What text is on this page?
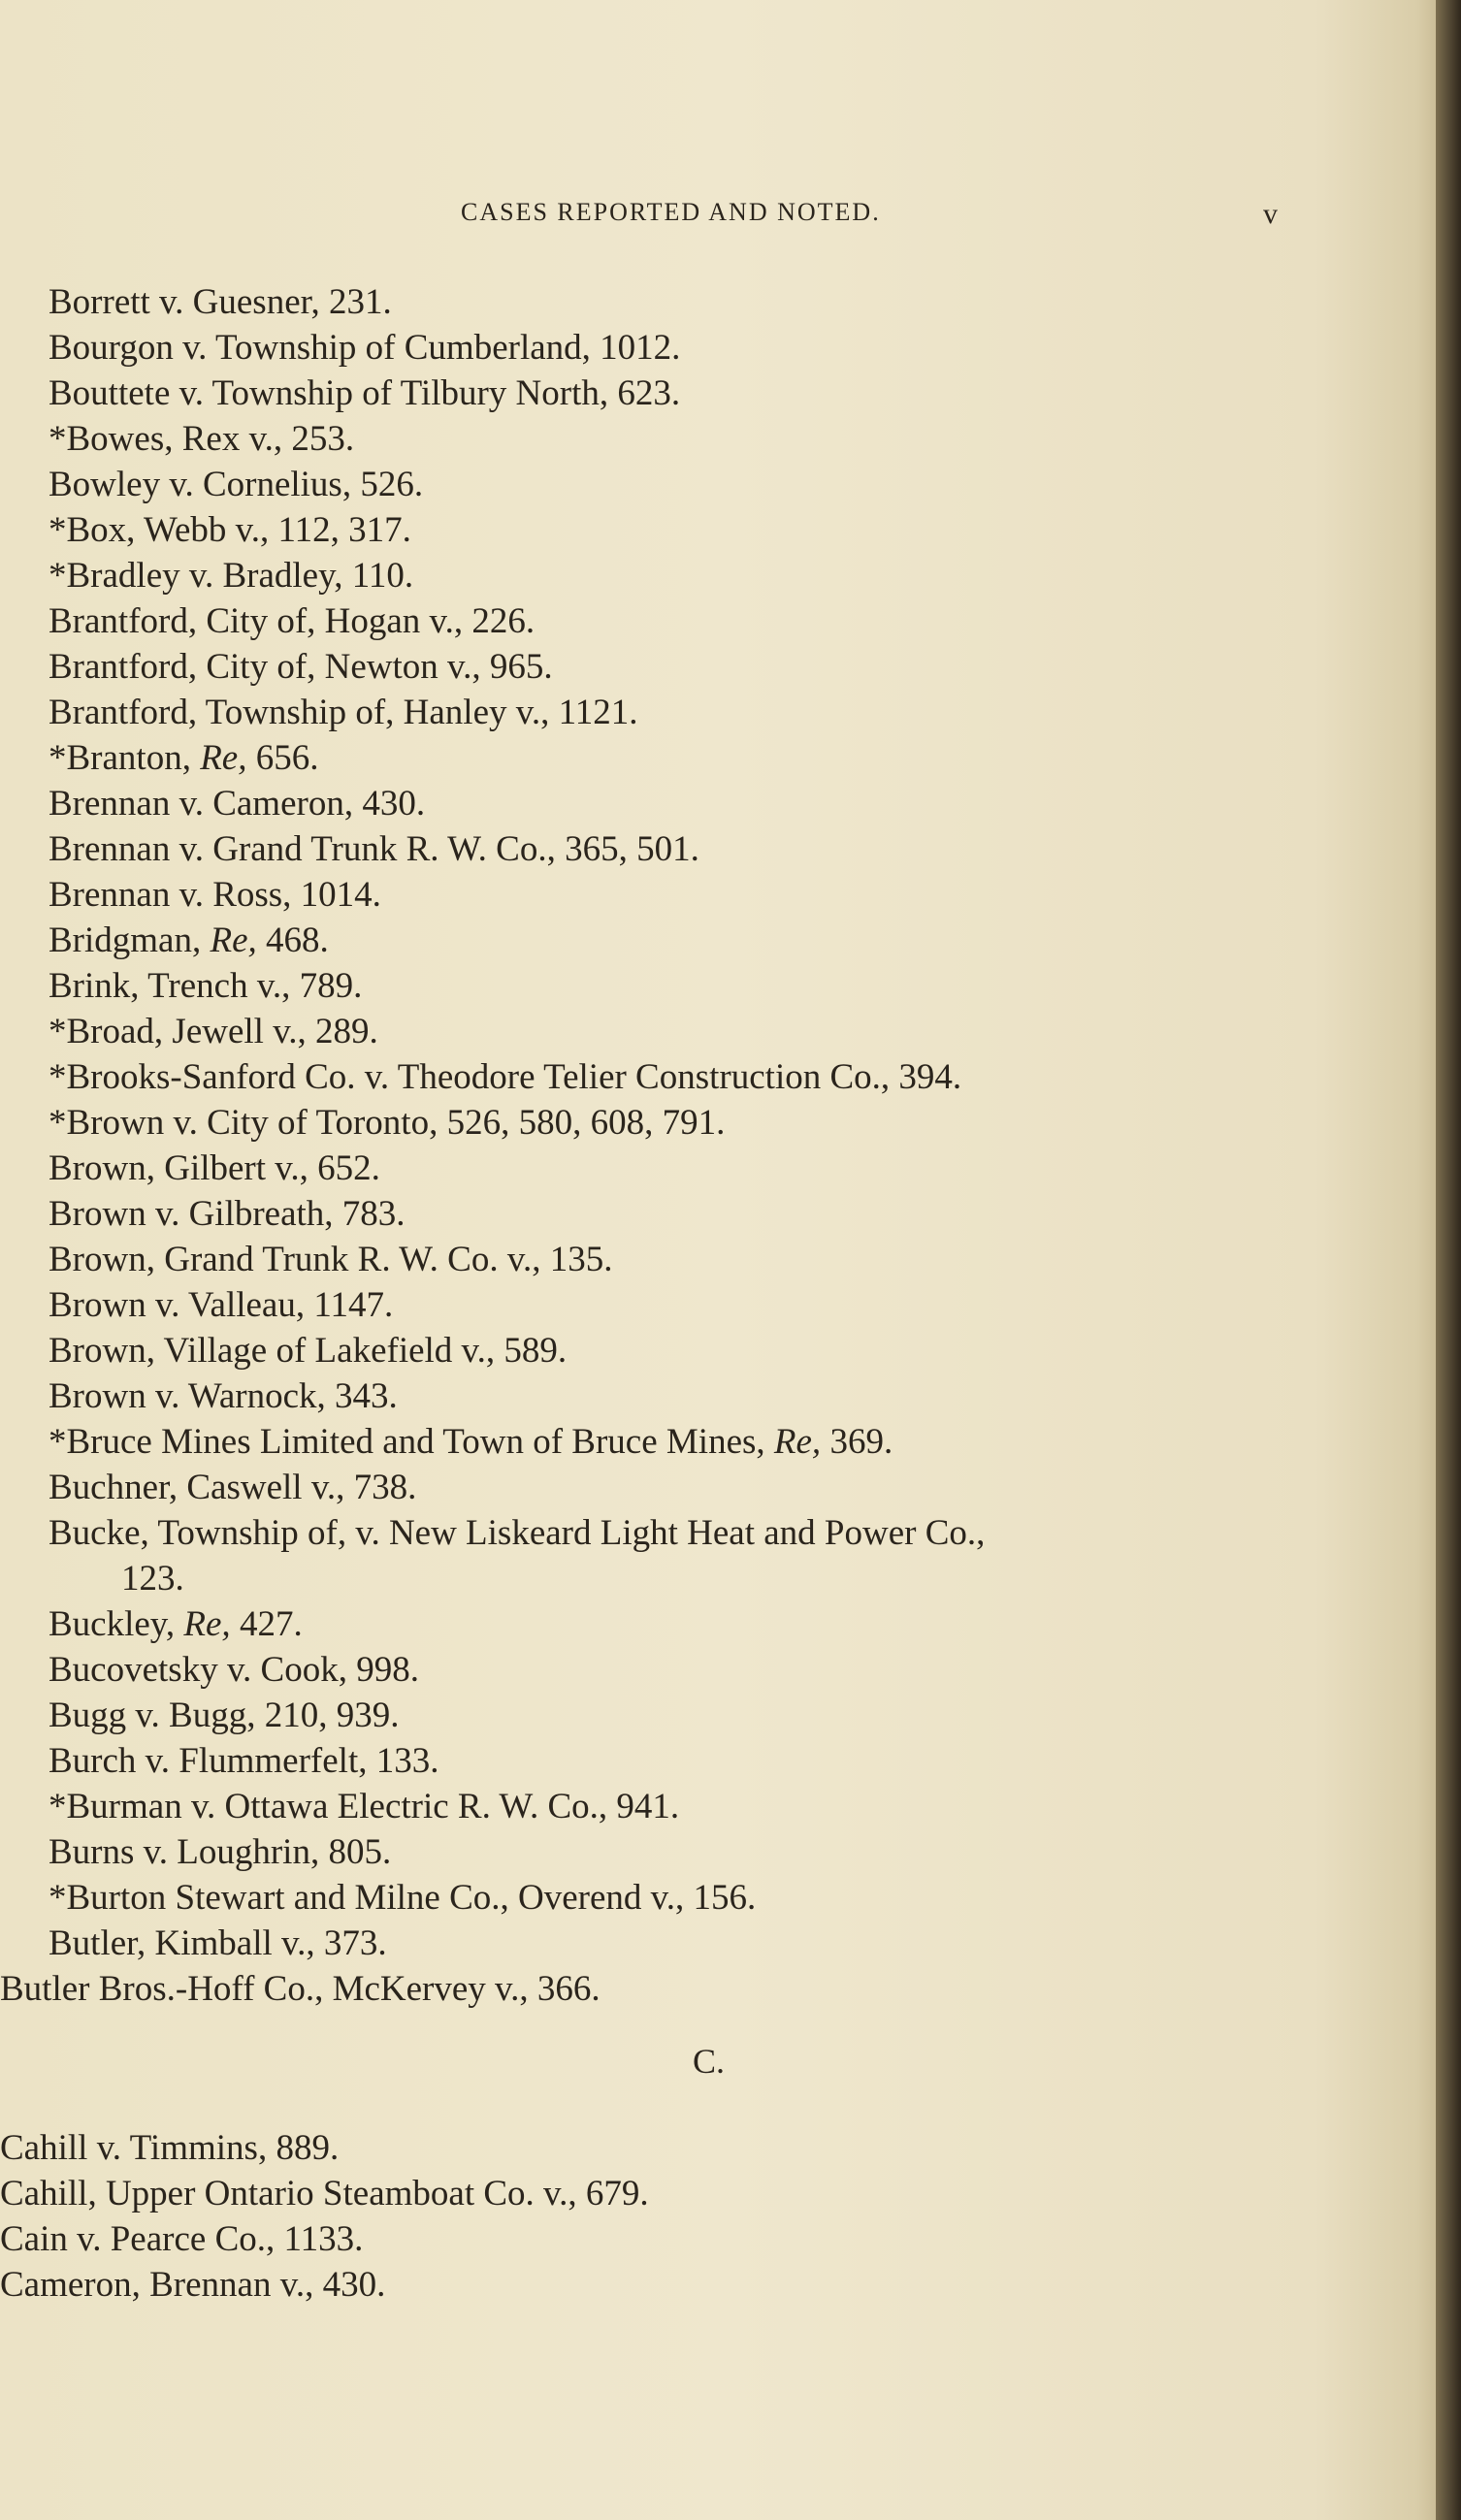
CASES REPORTED AND NOTED.	v
Borrett v. Guesner, 231.
Bourgon v. Township of Cumberland, 1012.
Bouttete v. Township of Tilbury North, 623.
*Bowes, Rex v., 253.
Bowley v. Cornelius, 526.
*Box, Webb v., 112, 317.
*Bradley v. Bradley, 110.
Brantford, City of, Hogan v., 226.
Brantford, City of, Newton v., 965.
Brantford, Township of, Hanley v., 1121.
*Branton, Re, 656.
Brennan v. Cameron, 430.
Brennan v. Grand Trunk R. W. Co., 365, 501.
Brennan v. Ross, 1014.
Bridgman, Re, 468.
Brink, Trench v., 789.
*Broad, Jewell v., 289.
*Brooks-Sanford Co. v. Theodore Telier Construction Co., 394.
*Brown v. City of Toronto, 526, 580, 608, 791.
Brown, Gilbert v., 652.
Brown v. Gilbreath, 783.
Brown, Grand Trunk R. W. Co. v., 135.
Brown v. Valleau, 1147.
Brown, Village of Lakefield v., 589.
Brown v. Warnock, 343.
*Bruce Mines Limited and Town of Bruce Mines, Re, 369.
Buchner, Caswell v., 738.
Bucke, Township of, v. New Liskeard Light Heat and Power Co.,
123.
Buckley, Re, 427.
Bucovetsky v. Cook, 998.
Bugg v. Bugg, 210, 939.
Burch v. Flummerfelt, 133.
*Burman v. Ottawa Electric R. W. Co., 941.
Burns v. Loughrin, 805.
*Burton Stewart and Milne Co., Overend v., 156.
Butler, Kimball v., 373.
Butler Bros.-Hoff Co., McKervey v., 366.
C.
Cahill v. Timmins, 889.
Cahill, Upper Ontario Steamboat Co. v., 679.
Cain v. Pearce Co., 1133.
Cameron, Brennan v., 430.
